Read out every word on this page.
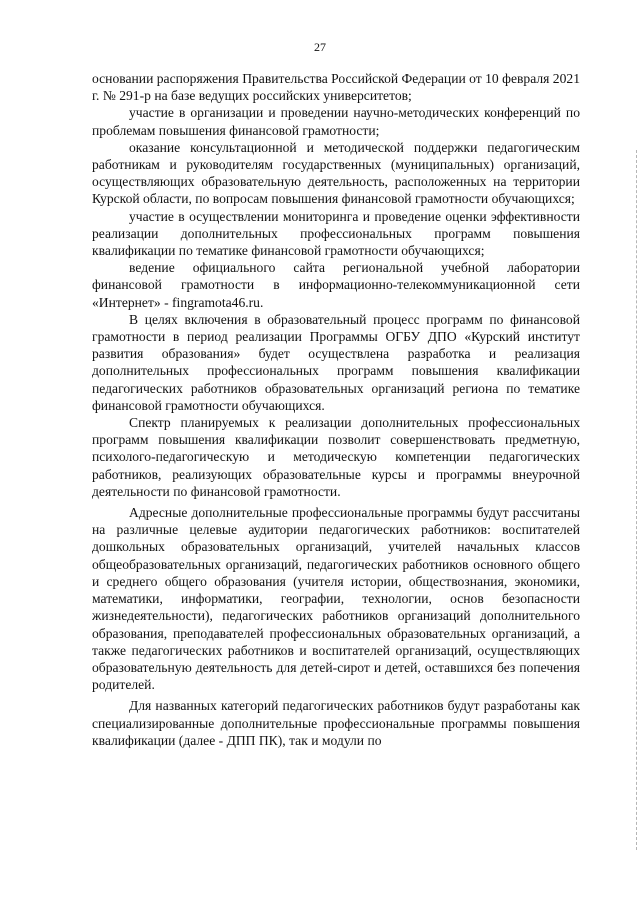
27

основании распоряжения Правительства Российской Федерации от 10 февраля 2021 г. № 291-р на базе ведущих российских университетов;

участие в организации и проведении научно-методических конференций по проблемам повышения финансовой грамотности;

оказание консультационной и методической поддержки педагогическим работникам и руководителям государственных (муниципальных) организаций, осуществляющих образовательную деятельность, расположенных на территории Курской области, по вопросам повышения финансовой грамотности обучающихся;

участие в осуществлении мониторинга и проведение оценки эффективности реализации дополнительных профессиональных программ повышения квалификации по тематике финансовой грамотности обучающихся;

ведение официального сайта региональной учебной лаборатории финансовой грамотности в информационно-телекоммуникационной сети «Интернет» - fingramota46.ru.

В целях включения в образовательный процесс программ по финансовой грамотности в период реализации Программы ОГБУ ДПО «Курский институт развития образования» будет осуществлена разработка и реализация дополнительных профессиональных программ повышения квалификации педагогических работников образовательных организаций региона по тематике финансовой грамотности обучающихся.

Спектр планируемых к реализации дополнительных профессиональных программ повышения квалификации позволит совершенствовать предметную, психолого-педагогическую и методическую компетенции педагогических работников, реализующих образовательные курсы и программы внеурочной деятельности по финансовой грамотности.

Адресные дополнительные профессиональные программы будут рассчитаны на различные целевые аудитории педагогических работников: воспитателей дошкольных образовательных организаций, учителей начальных классов общеобразовательных организаций, педагогических работников основного общего и среднего общего образования (учителя истории, обществознания, экономики, математики, информатики, географии, технологии, основ безопасности жизнедеятельности), педагогических работников организаций дополнительного образования, преподавателей профессиональных образовательных организаций, а также педагогических работников и воспитателей организаций, осуществляющих образовательную деятельность для детей-сирот и детей, оставшихся без попечения родителей.

Для названных категорий педагогических работников будут разработаны как специализированные дополнительные профессиональные программы повышения квалификации (далее - ДПП ПК), так и модули по
